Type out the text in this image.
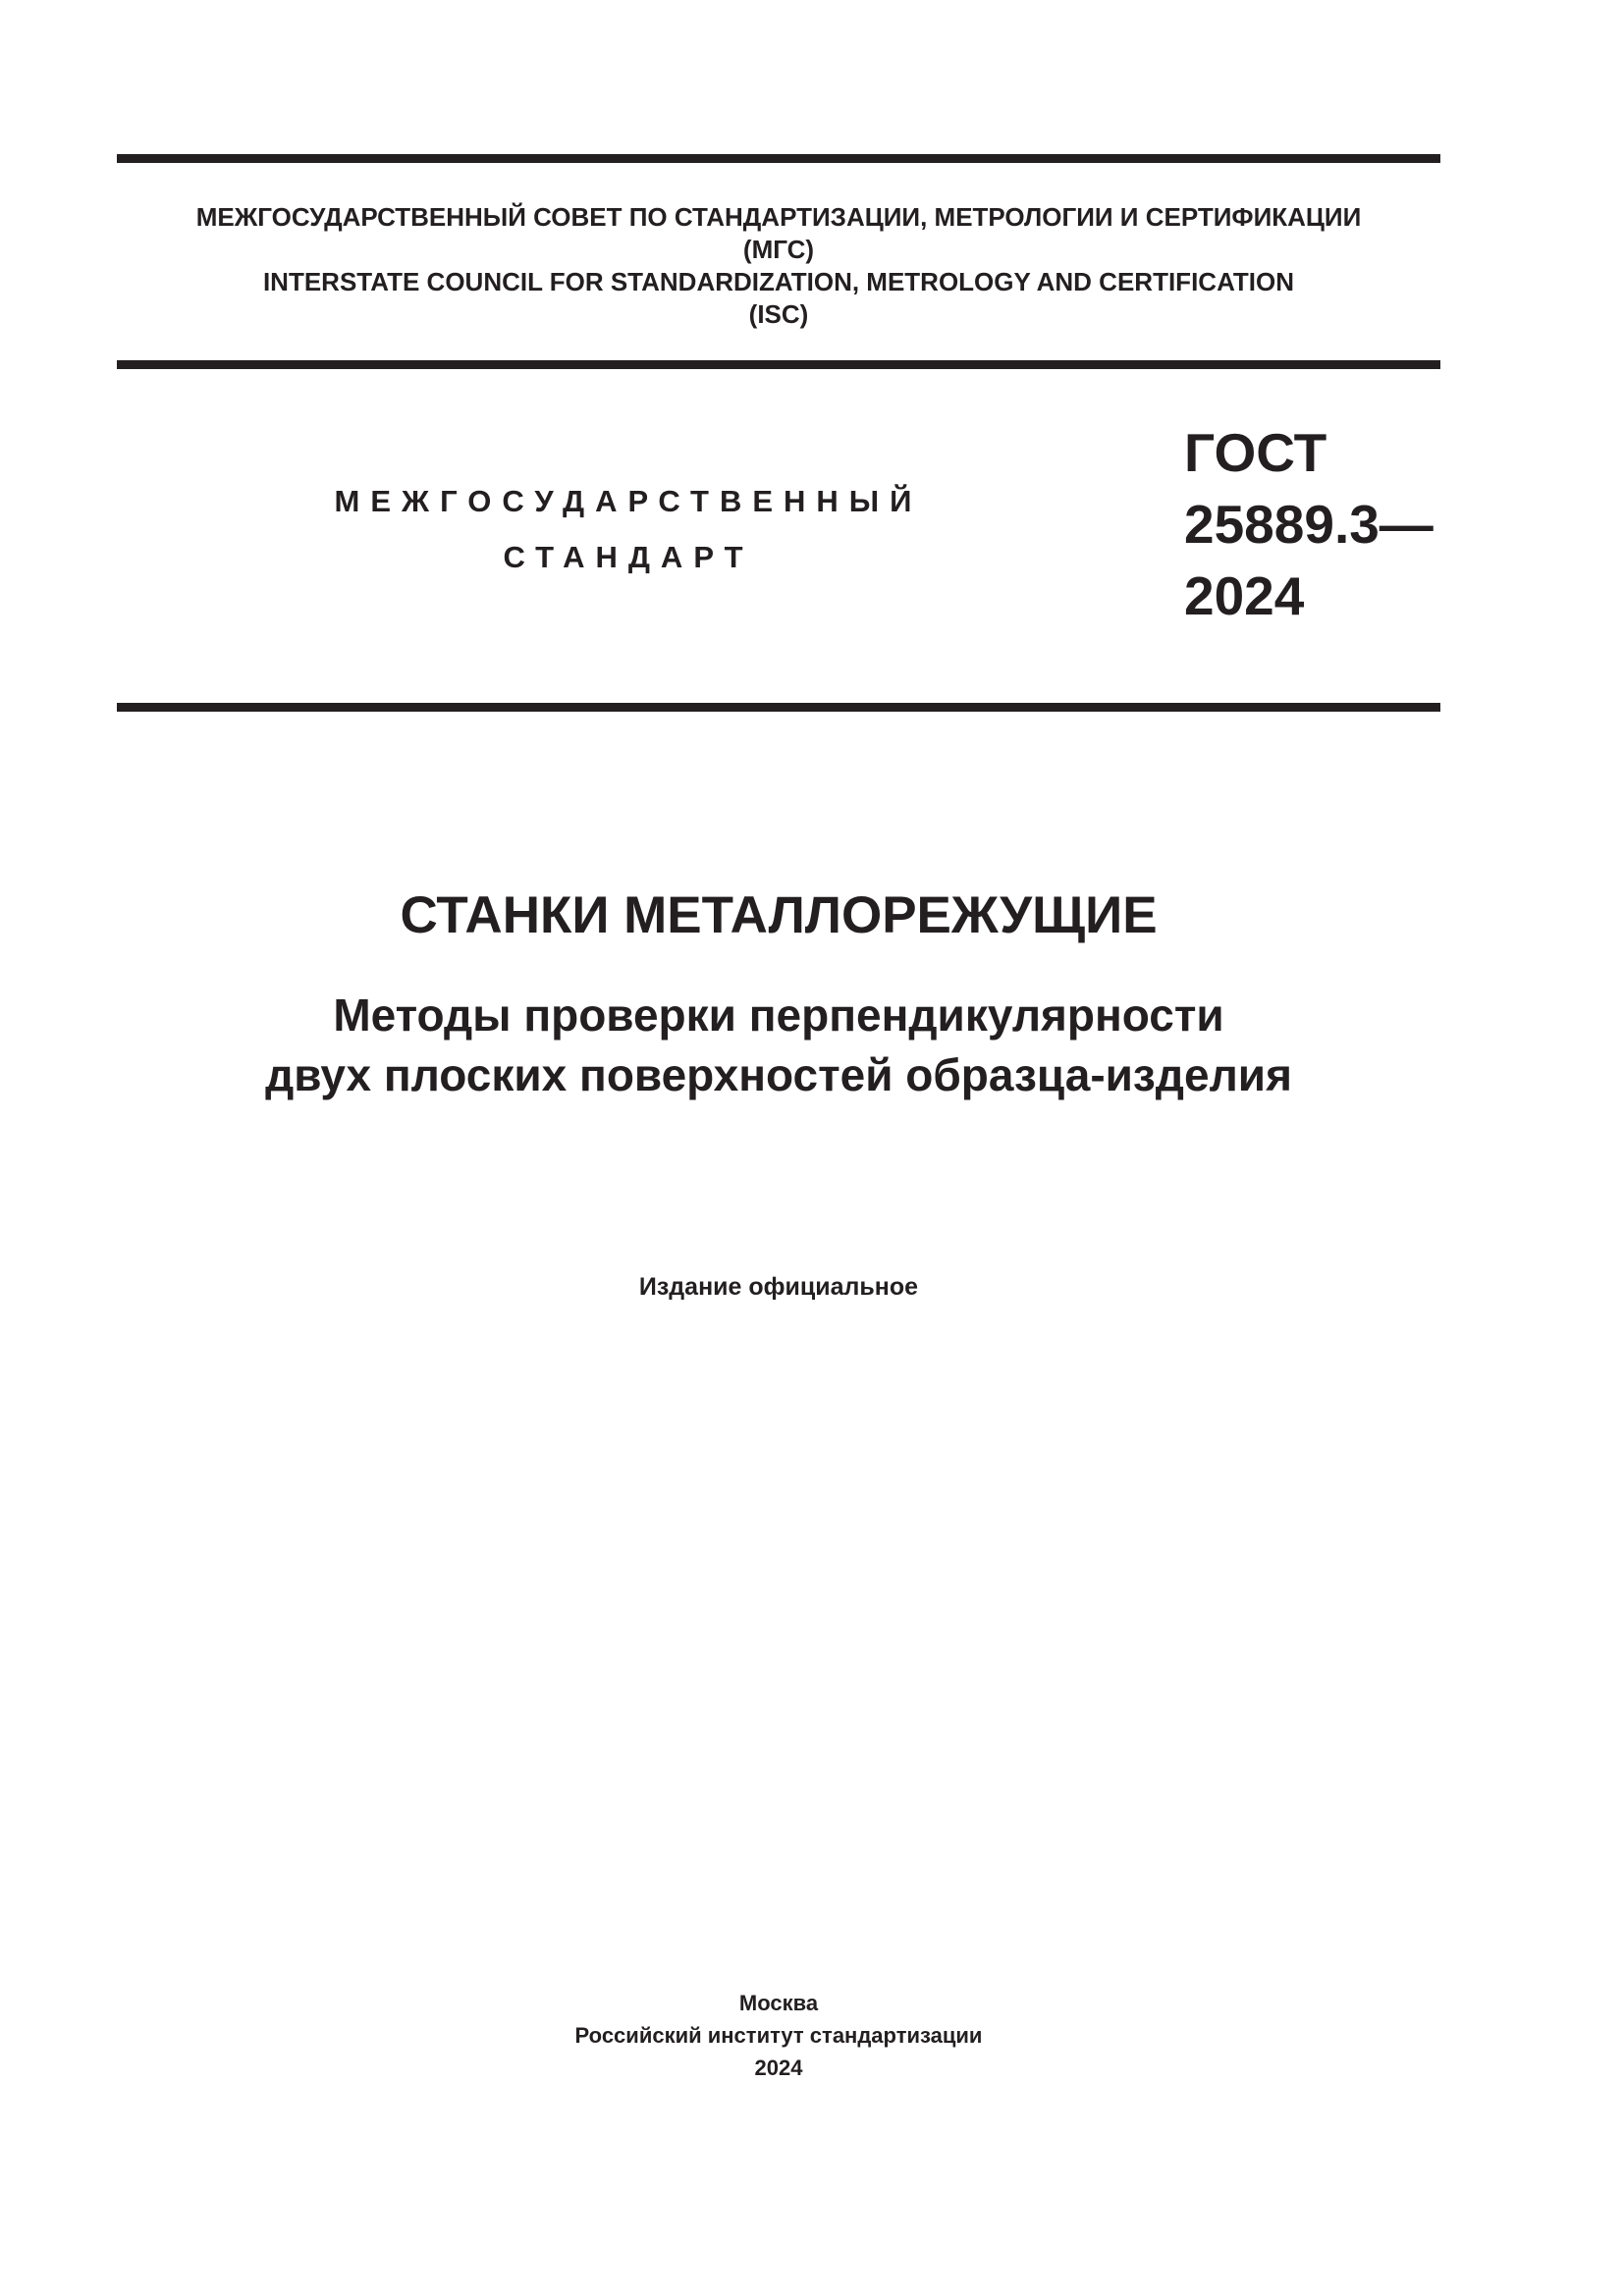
МЕЖГОСУДАРСТВЕННЫЙ СОВЕТ ПО СТАНДАРТИЗАЦИИ, МЕТРОЛОГИИ И СЕРТИФИКАЦИИ
(МГС)
INTERSTATE COUNCIL FOR STANDARDIZATION, METROLOGY AND CERTIFICATION
(ISC)
МЕЖГОСУДАРСТВЕННЫЙ
СТАНДАРТ
ГОСТ
25889.3—
2024
СТАНКИ МЕТАЛЛОРЕЖУЩИЕ
Методы проверки перпендикулярности
двух плоских поверхностей образца-изделия
Издание официальное
Москва
Российский институт стандартизации
2024
